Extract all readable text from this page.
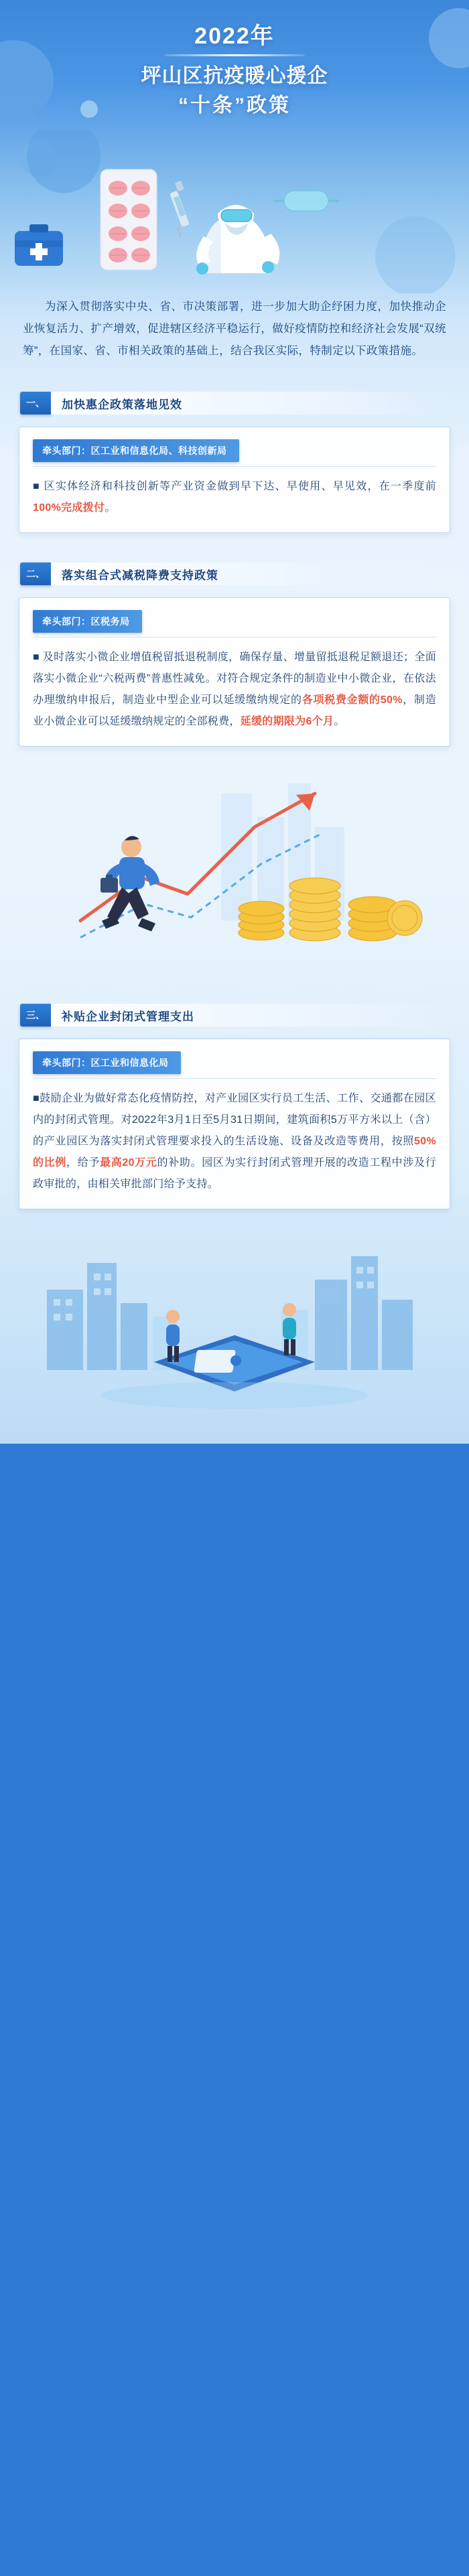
2022年
坪山区抗疫暖心援企
“十条”政策
为深入贯彻落实中央、省、市决策部署，进一步加大助企纾困力度，加快推动企业恢复活力、扩产增效，促进辖区经济平稳运行，做好疫情防控和经济社会发展“双统筹”，在国家、省、市相关政策的基础上，结合我区实际，特制定以下政策措施。
一、	加快惠企政策落地见效
牵头部门：区工业和信息化局、科技创新局
■ 区实体经济和科技创新等产业资金做到早下达、早使用、早见效，在一季度前100%完成拨付。
二、	落实组合式减税降费支持政策
牵头部门：区税务局
■ 及时落实小微企业增值税留抵退税制度，确保存量、增量留抵退税足额退还；全面落实小微企业“六税两费”普惠性减免。对符合规定条件的制造业中小微企业，在依法办理缴纳申报后，制造业中型企业可以延缓缴纳规定的各项税费金额的50%，制造业小微企业可以延缓缴纳规定的全部税费，延缓的期限为6个月。
三、	补贴企业封闭式管理支出
牵头部门：区工业和信息化局
■鼓励企业为做好常态化疫情防控，对产业园区实行员工生活、工作、交通都在园区内的封闭式管理。对2022年3月1日至5月31日期间，建筑面积5万平方米以上（含）的产业园区为落实封闭式管理要求投入的生活设施、设备及改造等费用，按照50%的比例，给予最高20万元的补助。园区为实行封闭式管理开展的改造工程中涉及行政审批的，由相关审批部门给予支持。
